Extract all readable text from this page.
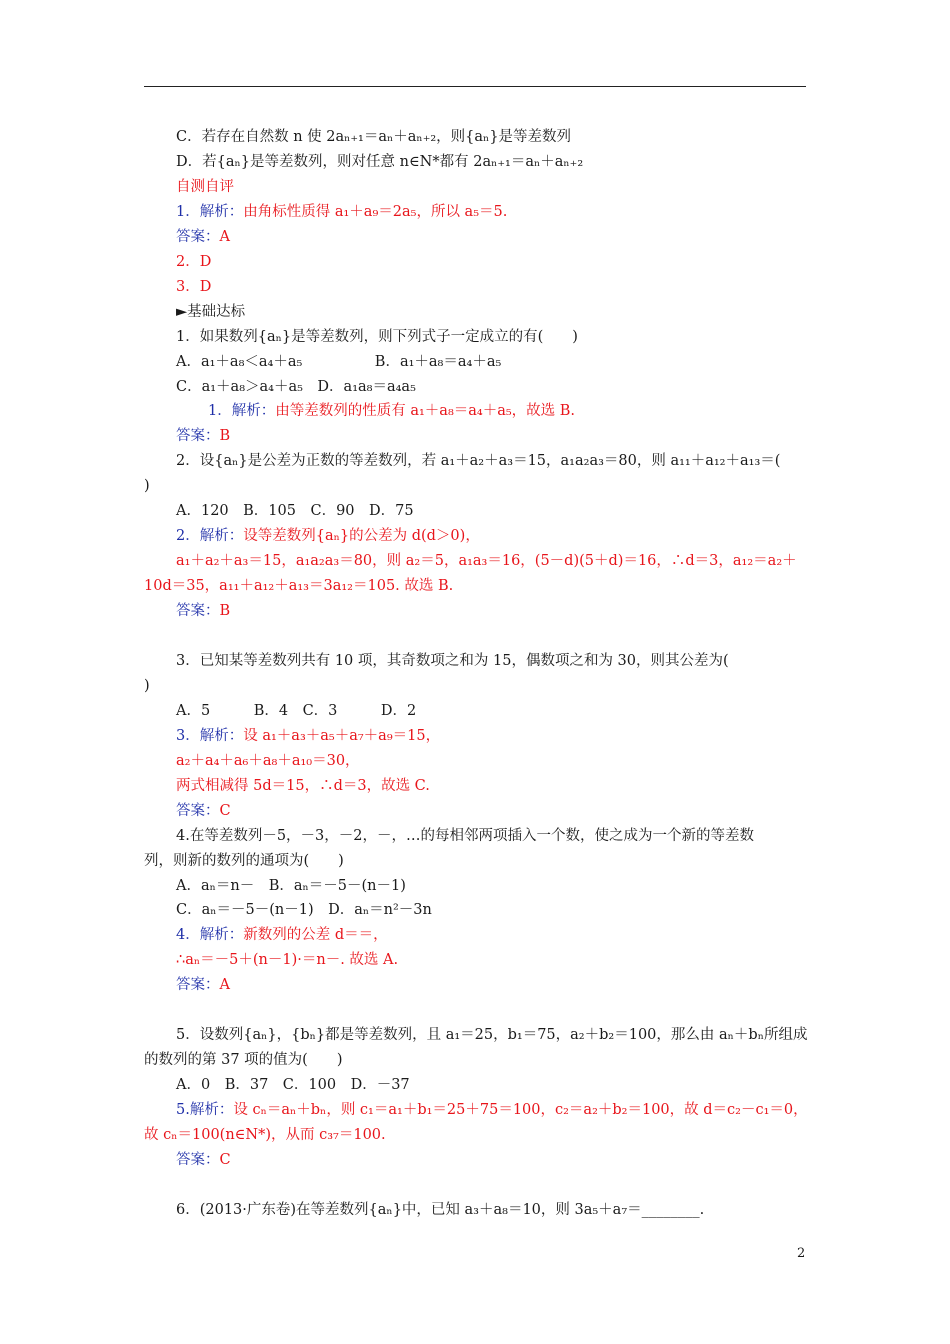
C．若存在自然数 n 使 2aₙ₊₁＝aₙ＋aₙ₊₂，则{aₙ}是等差数列
D．若{aₙ}是等差数列，则对任意 n∈N*都有 2aₙ₊₁＝aₙ＋aₙ₊₂
自测自评
1．解析：由角标性质得 a₁＋a₉＝2a₅，所以 a₅＝5.
答案：A
2．D
3．D
►基础达标
1．如果数列{aₙ}是等差数列，则下列式子一定成立的有(　　)
A．a₁＋a₈＜a₄＋a₅　　　　　B．a₁＋a₈＝a₄＋a₅
C．a₁＋a₈＞a₄＋a₅　D．a₁a₈＝a₄a₅
1．解析：由等差数列的性质有 a₁＋a₈＝a₄＋a₅，故选 B.
答案：B
2．设{aₙ}是公差为正数的等差数列，若 a₁＋a₂＋a₃＝15，a₁a₂a₃＝80，则 a₁₁＋a₁₂＋a₁₃＝(
)
A．120　B．105　C．90　D．75
2．解析：设等差数列{aₙ}的公差为 d(d＞0)，
a₁＋a₂＋a₃＝15，a₁a₂a₃＝80，则 a₂＝5，a₁a₃＝16，(5－d)(5＋d)＝16，∴d＝3，a₁₂＝a₂＋
10d＝35，a₁₁＋a₁₂＋a₁₃＝3a₁₂＝105. 故选 B.
答案：B
3．已知某等差数列共有 10 项，其奇数项之和为 15，偶数项之和为 30，则其公差为(
)
A．5　　　B．4　C．3　　　D．2
3．解析：设 a₁＋a₃＋a₅＋a₇＋a₉＝15，
a₂＋a₄＋a₆＋a₈＋a₁₀＝30，
两式相减得 5d＝15，∴d＝3，故选 C.
答案：C
4.在等差数列－5，－3，－2，－，…的每相邻两项插入一个数，使之成为一个新的等差数
列，则新的数列的通项为(　　)
A．aₙ＝n－　B．aₙ＝－5－(n－1)
C．aₙ＝－5－(n－1)　D．aₙ＝n²－3n
4．解析：新数列的公差 d＝＝，
∴aₙ＝－5＋(n－1)·＝n－. 故选 A.
答案：A
5．设数列{aₙ}，{bₙ}都是等差数列，且 a₁＝25，b₁＝75，a₂＋b₂＝100，那么由 aₙ＋bₙ所组成
的数列的第 37 项的值为(　　)
A．0　B．37　C．100　D．－37
5.解析：设 cₙ＝aₙ＋bₙ，则 c₁＝a₁＋b₁＝25＋75＝100，c₂＝a₂＋b₂＝100，故 d＝c₂－c₁＝0，
故 cₙ＝100(n∈N*)，从而 c₃₇＝100.
答案：C
6．(2013·广东卷)在等差数列{aₙ}中，已知 a₃＋a₈＝10，则 3a₅＋a₇＝________.
2
